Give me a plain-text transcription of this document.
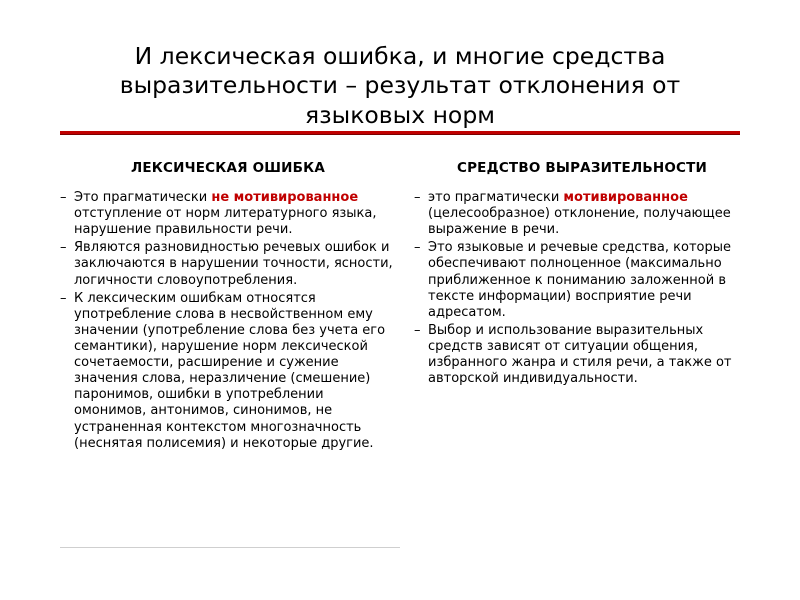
И лексическая ошибка, и многие средства выразительности – результат отклонения от языковых норм

ЛЕКСИЧЕСКАЯ ОШИБКА

– Это прагматически не мотивированное отступление от норм литературного языка, нарушение правильности речи.
– Являются разновидностью речевых ошибок и заключаются в нарушении точности, ясности, логичности словоупотребления.
– К лексическим ошибкам относятся употребление слова в несвойственном ему значении (употребление слова без учета его семантики), нарушение норм лексической сочетаемости, расширение и сужение значения слова, неразличение (смешение) паронимов, ошибки в употреблении омонимов, антонимов, синонимов, не устраненная контекстом многозначность (неснятая полисемия) и некоторые другие.

СРЕДСТВО ВЫРАЗИТЕЛЬНОСТИ

– это прагматически мотивированное (целесообразное) отклонение, получающее выражение в речи.
– Это языковые и речевые средства, которые обеспечивают полноценное (максимально приближенное к пониманию заложенной в тексте информации) восприятие речи адресатом.
– Выбор и использование выразительных средств зависят от ситуации общения, избранного жанра и стиля речи, а также от авторской индивидуальности.
